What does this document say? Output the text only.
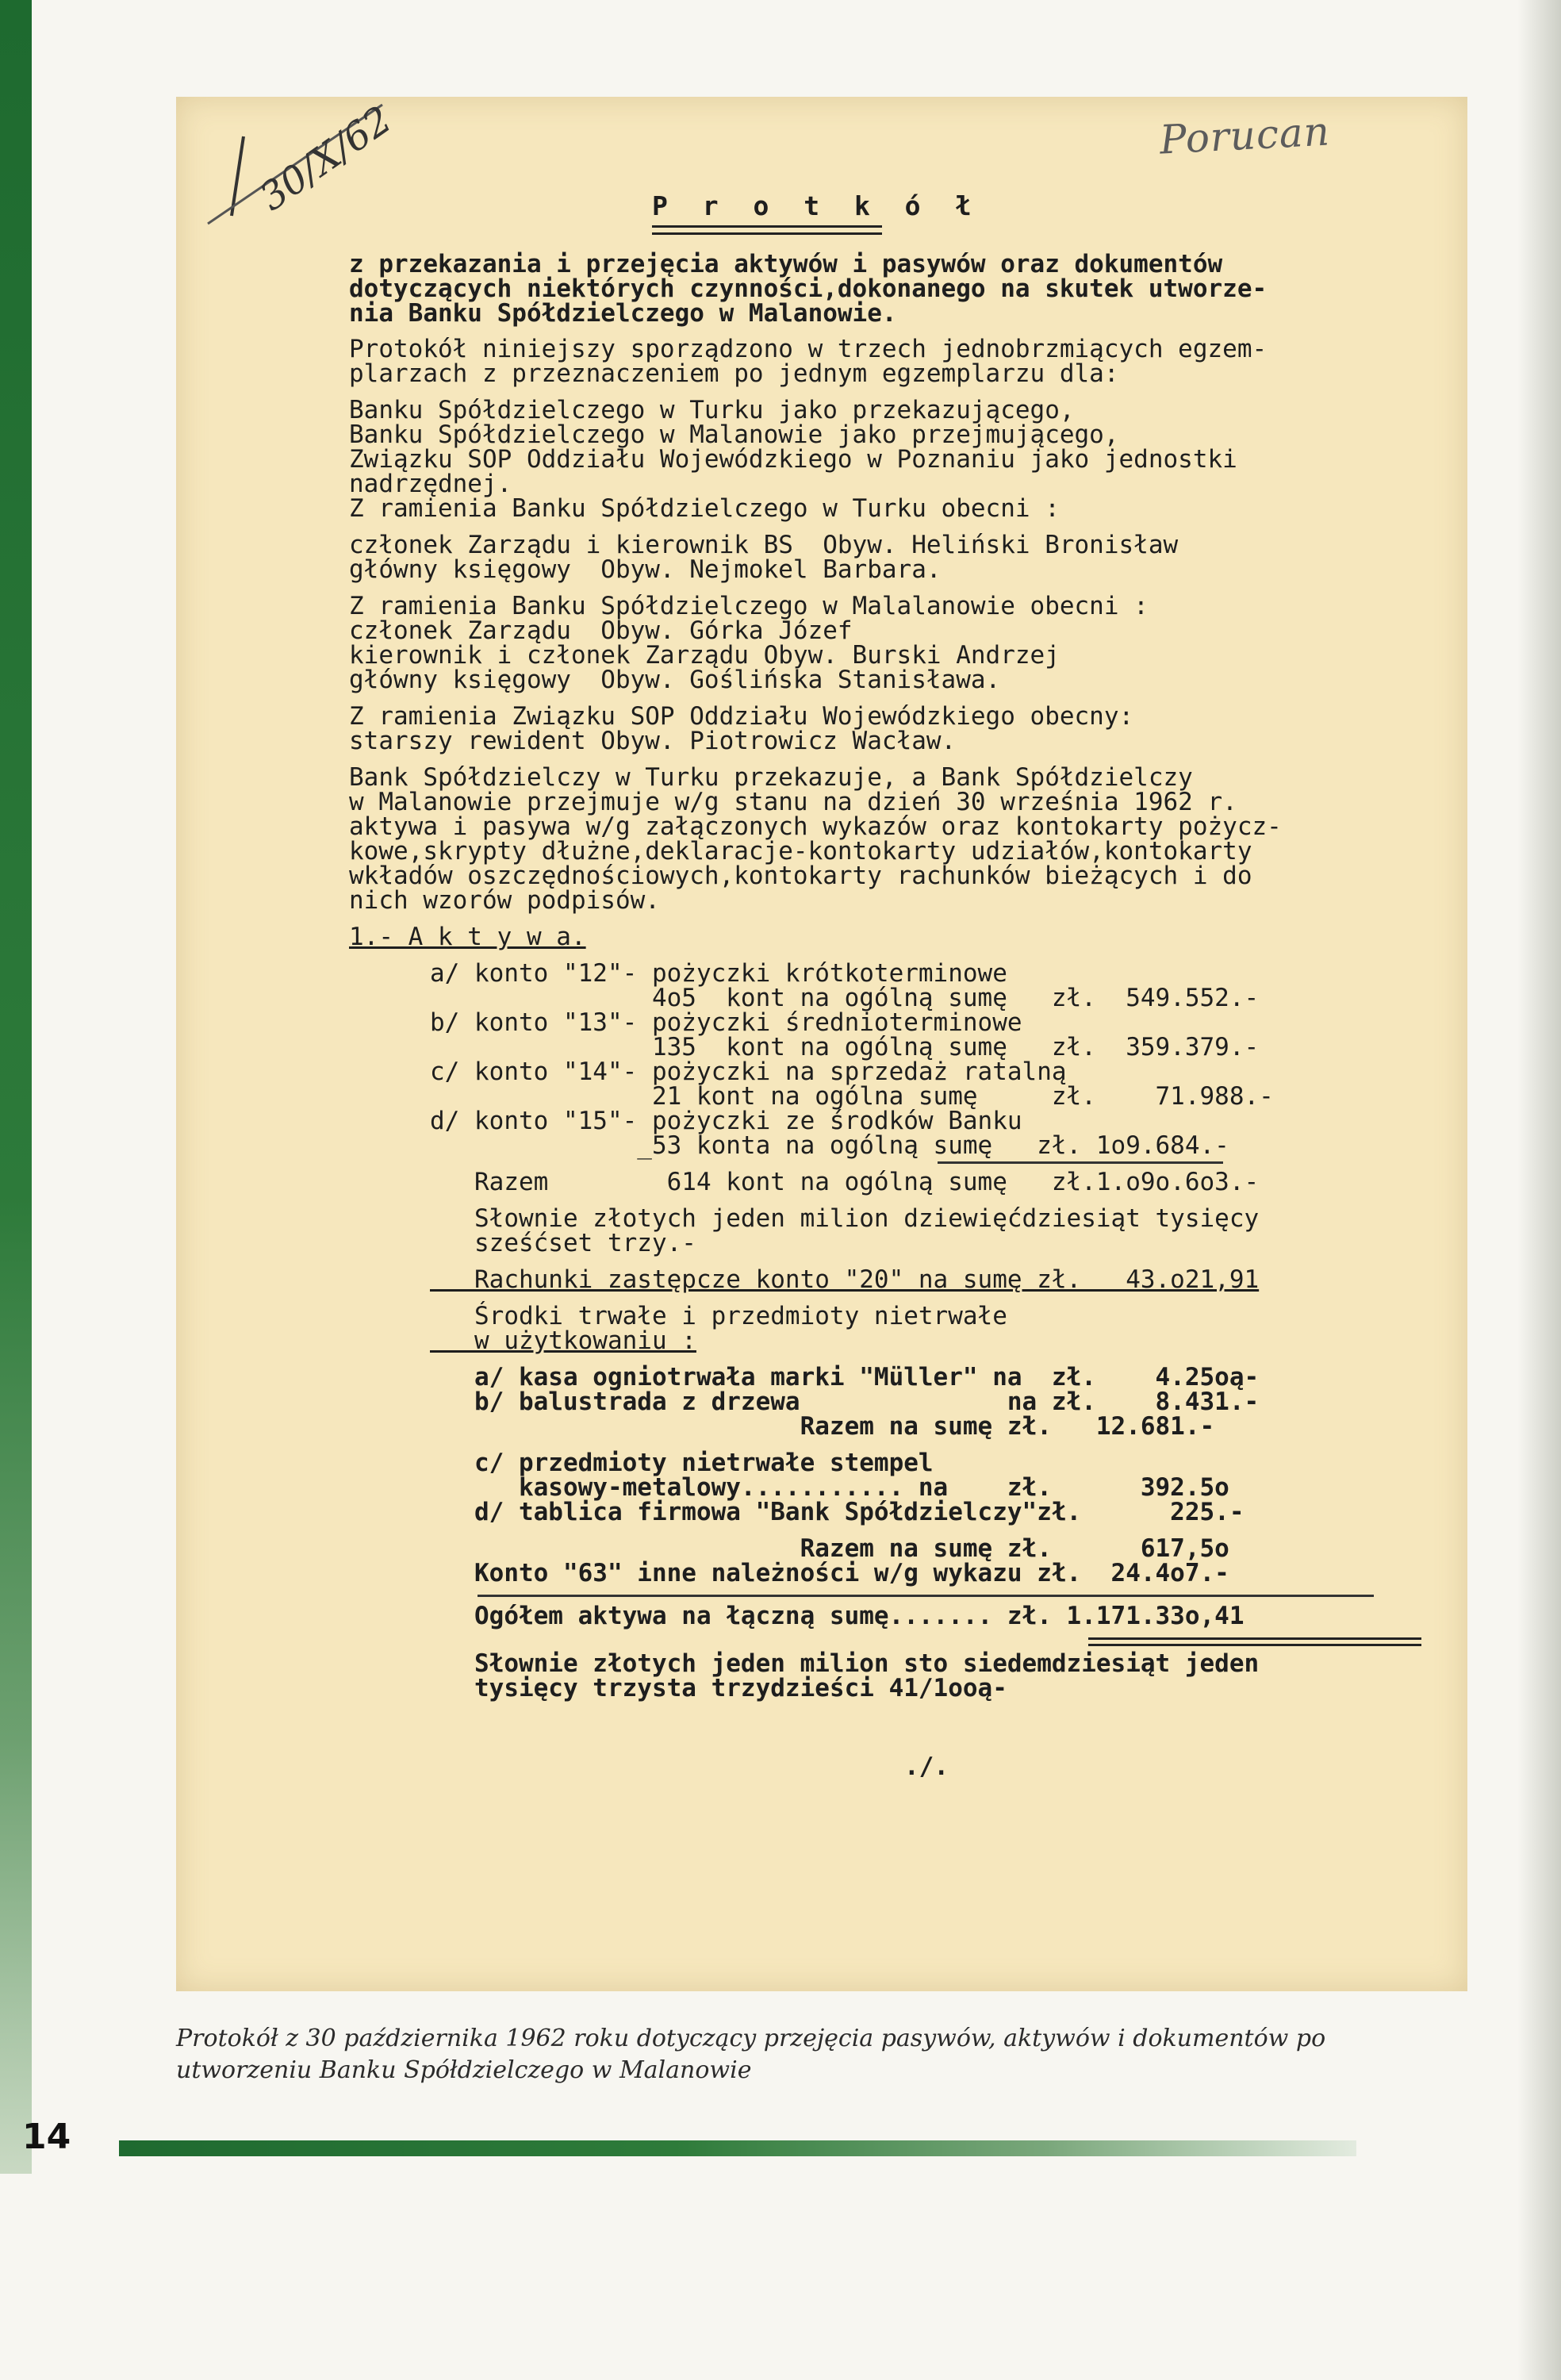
30/X/62	Porucan
P r o t k ó ł
z przekazania i przejęcia aktywów i pasywów oraz dokumentów
dotyczących niektórych czynności,dokonanego na skutek utworze-
nia Banku Spółdzielczego w Malanowie.
Protokół niniejszy sporządzono w trzech jednobrzmiących egzem-
plarzach z przeznaczeniem po jednym egzemplarzu dla:
Banku Spółdzielczego w Turku jako przekazującego,
Banku Spółdzielczego w Malanowie jako przejmującego,
Związku SOP Oddziału Wojewódzkiego w Poznaniu jako jednostki
nadrzędnej.
Z ramienia Banku Spółdzielczego w Turku obecni :
członek Zarządu i kierownik BS  Obyw. Heliński Bronisław
główny księgowy  Obyw. Nejmokel Barbara.
Z ramienia Banku Spółdzielczego w Malalanowie obecni :
członek Zarządu  Obyw. Górka Józef
kierownik i członek Zarządu Obyw. Burski Andrzej
główny księgowy  Obyw. Goślińska Stanisława.
Z ramienia Związku SOP Oddziału Wojewódzkiego obecny:
starszy rewident Obyw. Piotrowicz Wacław.
Bank Spółdzielczy w Turku przekazuje, a Bank Spółdzielczy
w Malanowie przejmuje w/g stanu na dzień 30 września 1962 r.
aktywa i pasywa w/g załączonych wykazów oraz kontokarty pożycz-
kowe,skrypty dłużne,deklaracje-kontokarty udziałów,kontokarty
wkładów oszczędnościowych,kontokarty rachunków bieżących i do
nich wzorów podpisów.
1.- A k t y w a.
a/ konto "12"- pożyczki krótkoterminowe
4o5  kont na ogólną sumę   zł.  549.552.-
b/ konto "13"- pożyczki średnioterminowe
135  kont na ogólną sumę   zł.  359.379.-
c/ konto "14"- pożyczki na sprzedaż ratalną
21 kont na ogólna sumę     zł.    71.988.-
d/ konto "15"- pożyczki ze środków Banku
_53 konta na ogólną sumę   zł. 1o9.684.-
Razem        614 kont na ogólną sumę   zł.1.o9o.6o3.-
Słownie złotych jeden milion dziewięćdziesiąt tysięcy
sześćset trzy.-
Rachunki zastępcze konto "20" na sumę zł.   43.o21,91
Środki trwałe i przedmioty nietrwałe
w użytkowaniu :
a/ kasa ogniotrwała marki "Müller" na  zł.    4.25oą-
b/ balustrada z drzewa              na zł.    8.431.-
Razem na sumę zł.   12.681.-
c/ przedmioty nietrwałe stempel
kasowy-metalowy........... na    zł.      392.5o
d/ tablica firmowa "Bank Spółdzielczy"zł.      225.-
Razem na sumę zł.      617,5o
Konto "63" inne należności w/g wykazu zł.  24.4o7.-
Ogółem aktywa na łączną sumę....... zł. 1.171.33o,41
Słownie złotych jeden milion sto siedemdziesiąt jeden
tysięcy trzysta trzydzieści 41/1ooą-
./.
Protokół z 30 października 1962 roku dotyczący przejęcia pasywów, aktywów i dokumentów po utworzeniu Banku Spółdzielczego w Malanowie
14
